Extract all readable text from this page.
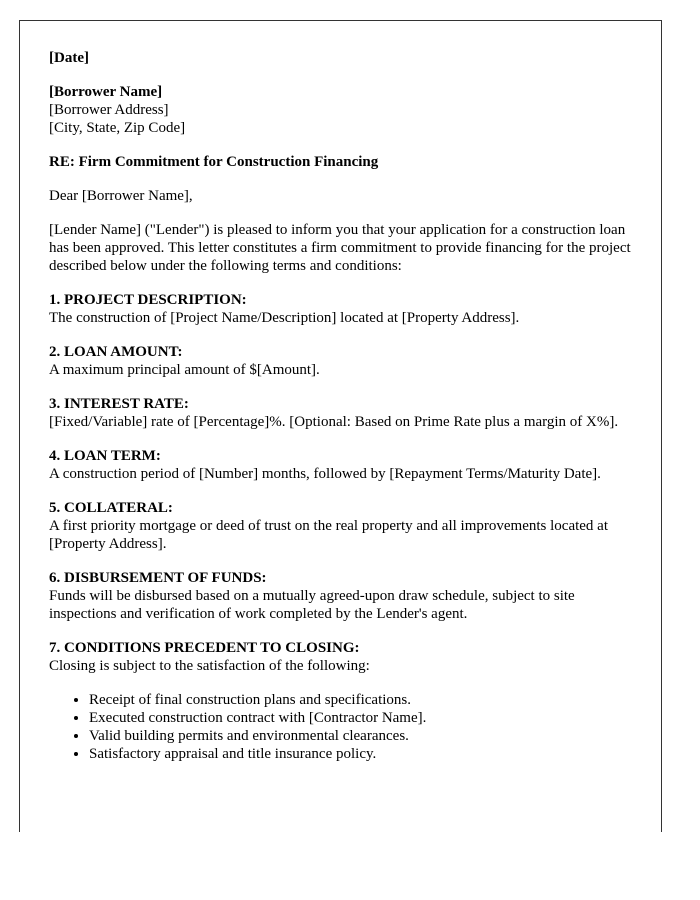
[Date]

[Borrower Name]
[Borrower Address]
[City, State, Zip Code]

RE: Firm Commitment for Construction Financing

Dear [Borrower Name],

[Lender Name] ("Lender") is pleased to inform you that your application for a construction loan has been approved. This letter constitutes a firm commitment to provide financing for the project described below under the following terms and conditions:

1. PROJECT DESCRIPTION:
The construction of [Project Name/Description] located at [Property Address].

2. LOAN AMOUNT:
A maximum principal amount of $[Amount].

3. INTEREST RATE:
[Fixed/Variable] rate of [Percentage]%. [Optional: Based on Prime Rate plus a margin of X%].

4. LOAN TERM:
A construction period of [Number] months, followed by [Repayment Terms/Maturity Date].

5. COLLATERAL:
A first priority mortgage or deed of trust on the real property and all improvements located at [Property Address].

6. DISBURSEMENT OF FUNDS:
Funds will be disbursed based on a mutually agreed-upon draw schedule, subject to site inspections and verification of work completed by the Lender's agent.

7. CONDITIONS PRECEDENT TO CLOSING:
Closing is subject to the satisfaction of the following:

• Receipt of final construction plans and specifications.
• Executed construction contract with [Contractor Name].
• Valid building permits and environmental clearances.
• Satisfactory appraisal and title insurance policy.
